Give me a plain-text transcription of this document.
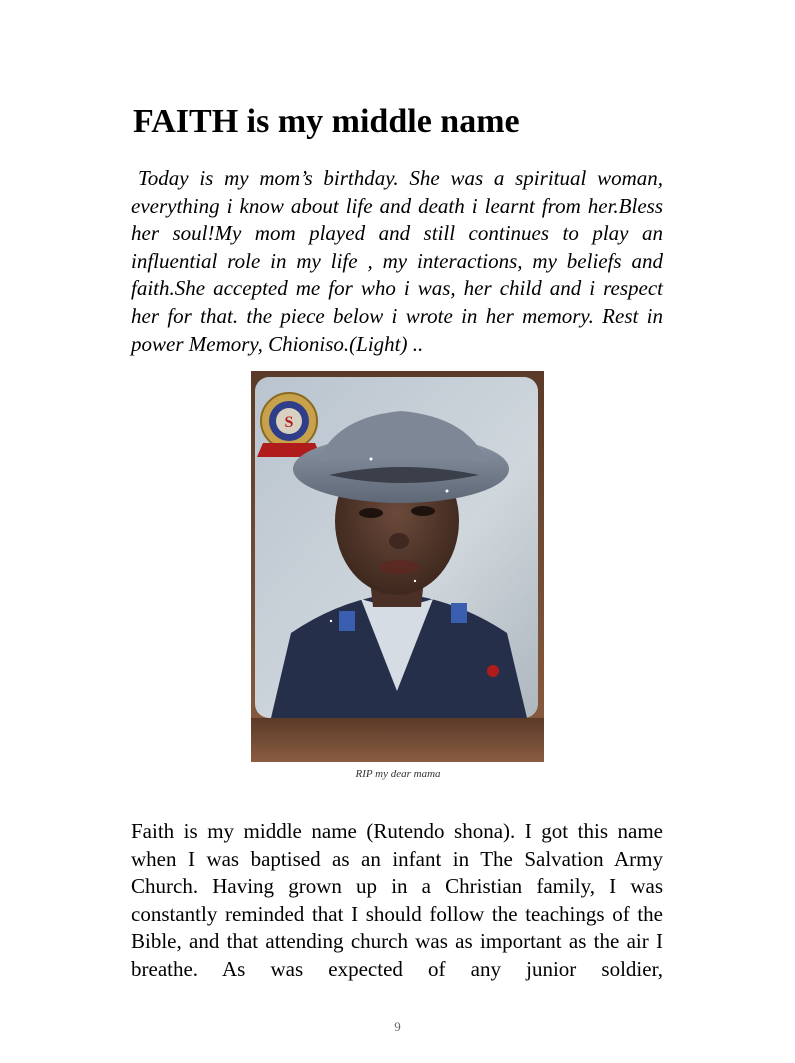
FAITH is my middle name

Today is my mom’s birthday. She was a spiritual woman, everything i know about life and death i learnt from her.Bless her soul!My mom played and still continues to play an influential role in my life , my interactions, my beliefs and faith.She accepted me for who i was, her child and i respect her for that. the piece below i wrote in her memory. Rest in power Memory, Chioniso.(Light) ..

S

RIP my dear mama

Faith is my middle name (Rutendo shona). I got this name when I was baptised as an infant in The Salvation Army Church. Having grown up in a Christian family, I was constantly reminded that I should follow the teachings of the Bible, and that attending church was as important as the air I breathe. As was expected of any junior soldier,

9
